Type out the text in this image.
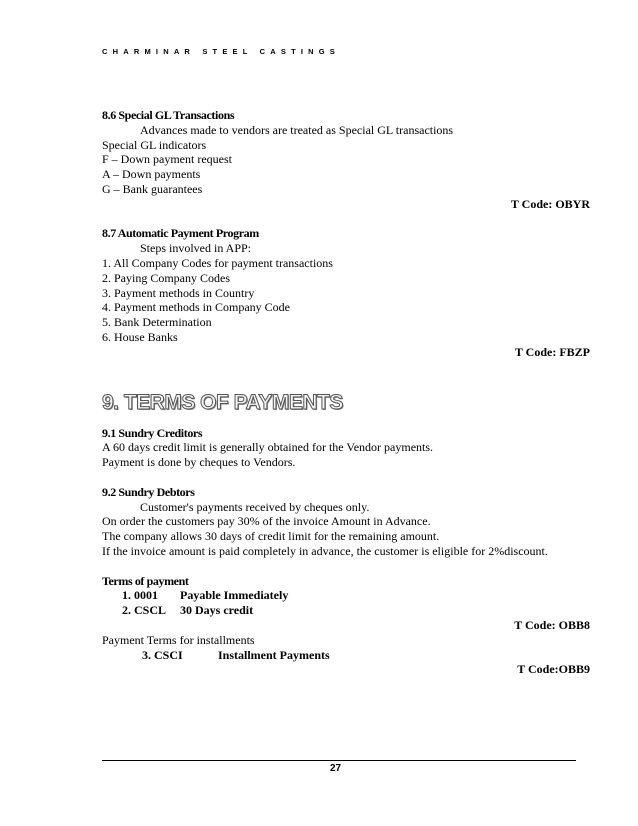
CHARMINAR STEEL CASTINGS

8.6 Special GL Transactions

Advances made to vendors are treated as Special GL transactions

Special GL indicators

F – Down payment request

A – Down payments

G – Bank guarantees

T Code: OBYR

8.7 Automatic Payment Program

Steps involved in APP:

1. All Company Codes for payment transactions

2. Paying Company Codes

3. Payment methods in Country

4. Payment methods in Company Code

5. Bank Determination

6. House Banks

T Code: FBZP

9. TERMS OF PAYMENTS

9.1 Sundry Creditors

A 60 days credit limit is generally obtained for the Vendor payments.

Payment is done by cheques to Vendors.

9.2 Sundry Debtors

Customer's payments received by cheques only.

On order the customers pay 30% of the invoice Amount in Advance.

The company allows 30 days of credit limit for the remaining amount.

If the invoice amount is paid completely in advance, the customer is eligible for 2%discount.

Terms of payment

1. 0001 Payable Immediately

2. CSCL 30 Days credit

T Code: OBB8

Payment Terms for installments

3. CSCI	Installment Payments

T Code:OBB9

27
